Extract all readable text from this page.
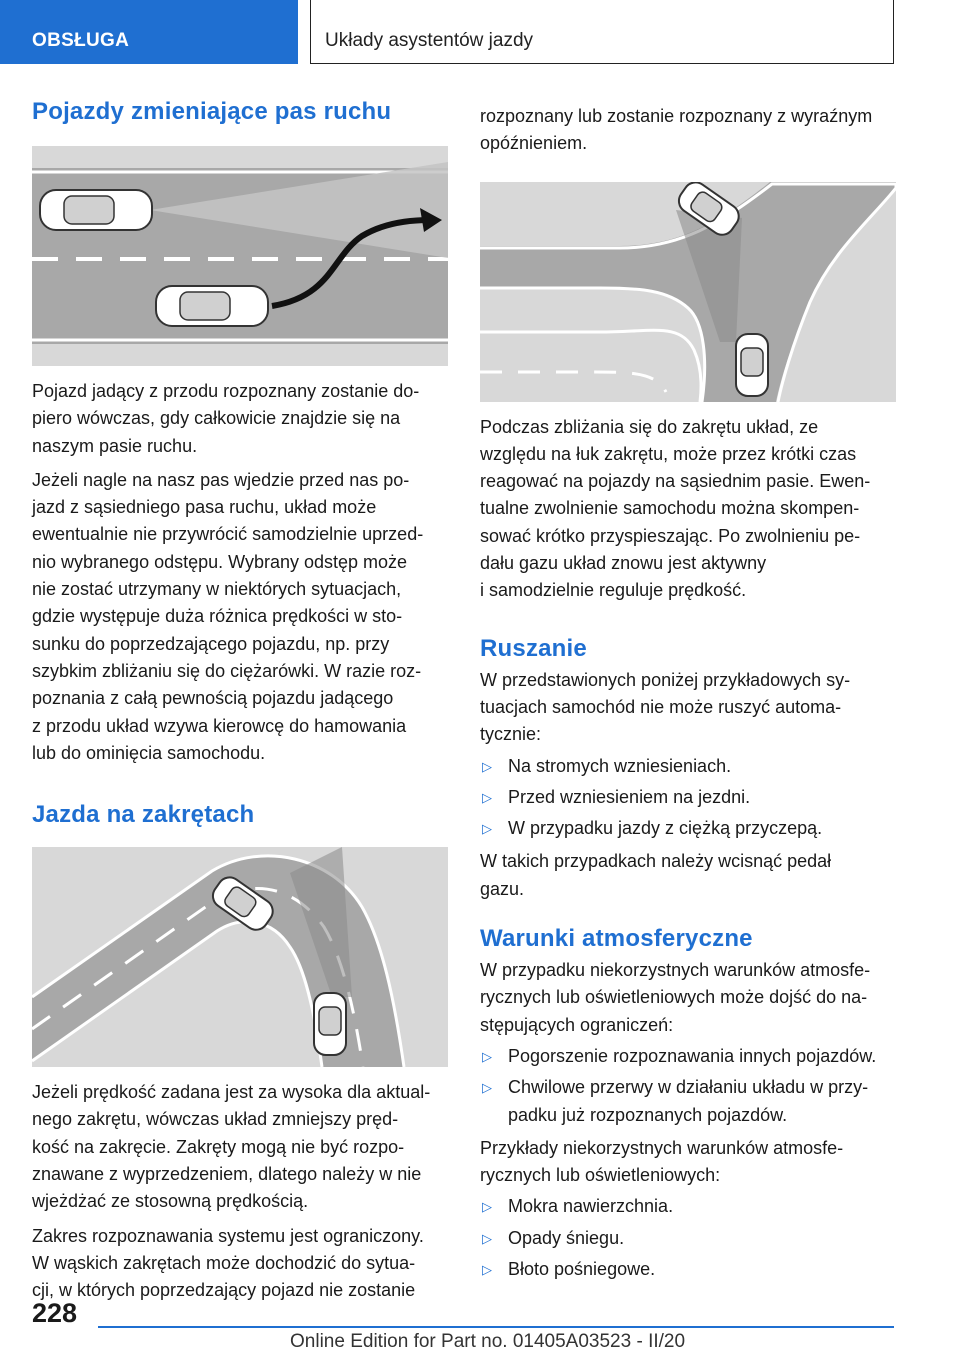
OBSŁUGA	Układy asystentów jazdy
Pojazdy zmieniające pas ruchu

Pojazd jadący z przodu rozpoznany zostanie do-
piero wówczas, gdy całkowicie znajdzie się na
naszym pasie ruchu.

Jeżeli nagle na nasz pas wjedzie przed nas po-
jazd z sąsiedniego pasa ruchu, układ może
ewentualnie nie przywrócić samodzielnie uprzed-
nio wybranego odstępu. Wybrany odstęp może
nie zostać utrzymany w niektórych sytuacjach,
gdzie występuje duża różnica prędkości w sto-
sunku do poprzedzającego pojazdu, np. przy
szybkim zbliżaniu się do ciężarówki. W razie roz-
poznania z całą pewnością pojazdu jadącego
z przodu układ wzywa kierowcę do hamowania
lub do ominięcia samochodu.

Jazda na zakrętach

Jeżeli prędkość zadana jest za wysoka dla aktual-
nego zakrętu, wówczas układ zmniejszy pręd-
kość na zakręcie. Zakręty mogą nie być rozpo-
znawane z wyprzedzeniem, dlatego należy w nie
wjeżdżać ze stosowną prędkością.

Zakres rozpoznawania systemu jest ograniczony.
W wąskich zakrętach może dochodzić do sytua-
cji, w których poprzedzający pojazd nie zostanie

rozpoznany lub zostanie rozpoznany z wyraźnym
opóźnieniem.

Podczas zbliżania się do zakrętu układ, ze
względu na łuk zakrętu, może przez krótki czas
reagować na pojazdy na sąsiednim pasie. Ewen-
tualne zwolnienie samochodu można skompen-
sować krótko przyspieszając. Po zwolnieniu pe-
dału gazu układ znowu jest aktywny
i samodzielnie reguluje prędkość.

Ruszanie

W przedstawionych poniżej przykładowych sy-
tuacjach samochód nie może ruszyć automa-
tycznie:

▷ Na stromych wzniesieniach.
▷ Przed wzniesieniem na jezdni.
▷ W przypadku jazdy z ciężką przyczepą.

W takich przypadkach należy wcisnąć pedał
gazu.

Warunki atmosferyczne

W przypadku niekorzystnych warunków atmosfe-
rycznych lub oświetleniowych może dojść do na-
stępujących ograniczeń:

▷ Pogorszenie rozpoznawania innych pojazdów.
▷ Chwilowe przerwy w działaniu układu w przy-
padku już rozpoznanych pojazdów.

Przykłady niekorzystnych warunków atmosfe-
rycznych lub oświetleniowych:

▷ Mokra nawierzchnia.
▷ Opady śniegu.
▷ Błoto pośniegowe.
228
Online Edition for Part no. 01405A03523 - II/20
